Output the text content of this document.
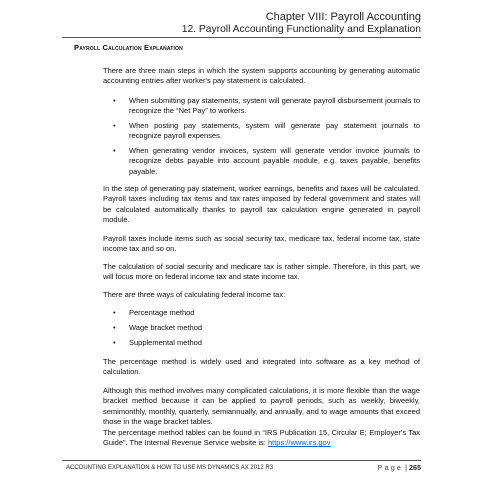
Chapter VIII: Payroll Accounting
12. Payroll Accounting Functionality and Explanation
Payroll Calculation Explanation

There are three main steps in which the system supports accounting by generating automatic accounting entries after worker's pay statement is calculated.

• When submitting pay statements, system will generate payroll disbursement journals to recognize the “Net Pay” to workers.
• When posting pay statements, system will generate pay statement journals to recognize payroll expenses.
• When generating vendor invoices, system will generate vendor invoice journals to recognize debts payable into account payable module, e.g. taxes payable, benefits payable.

In the step of generating pay statement, worker earnings, benefits and taxes will be calculated. Payroll taxes including tax items and tax rates imposed by federal government and states will be calculated automatically thanks to payroll tax calculation engine generated in payroll module.

Payroll taxes include items such as social security tax, medicare tax, federal income tax, state income tax and so on.

The calculation of social security and medicare tax is rather simple. Therefore, in this part, we will focus more on federal income tax and state income tax.

There are three ways of calculating federal income tax:

• Percentage method
• Wage bracket method
• Supplemental method

The percentage method is widely used and integrated into software as a key method of calculation.

Although this method involves many complicated calculations, it is more flexible than the wage bracket method because it can be applied to payroll periods, such as weekly, biweekly, semimonthly, monthly, quarterly, semiannually, and annually, and to wage amounts that exceed those in the wage bracket tables.

The percentage method tables can be found in “IRS Publication 15, Circular E; Employer's Tax Guide”. The Internal Revenue Service website is: https://www.irs.gov

ACCOUNTING EXPLANATION & HOW TO USE MS DYNAMICS AX 2012 R3	Page | 265
